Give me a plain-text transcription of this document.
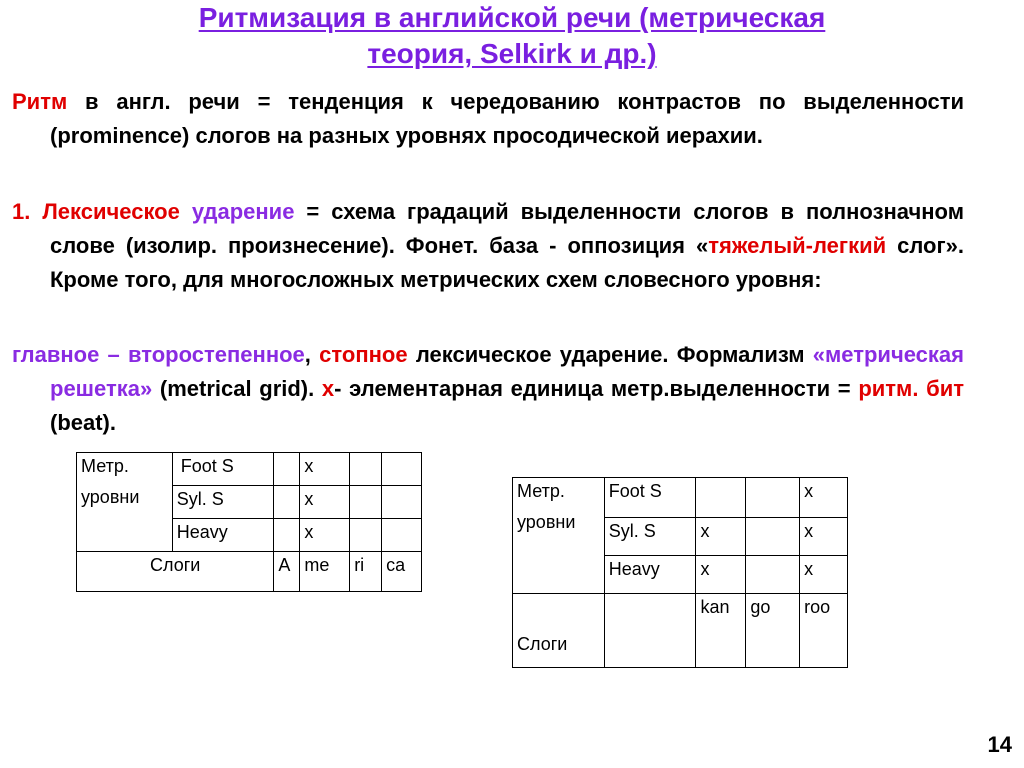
Ритмизация в английской речи (метрическая
теория, Selkirk и др.)
Ритм в англ. речи = тенденция к чередованию контрастов по выделенности (prominence) слогов на разных уровнях просодической иерахии.
1. Лексическое ударение = схема градаций выделенности слогов в полнозначном слове (изолир. произнесение). Фонет. база - оппозиция «тяжелый-легкий слог». Кроме того, для многосложных метрических схем словесного уровня:
главное – второстепенное, стопное лексическое ударение. Формализм «метрическая решетка» (metrical grid). x- элементарная единица метр.выделенности = ритм. бит (beat).
Метр.
уровни	Foot S		x		
	Syl. S		x		
	Heavy		x		
Слоги		A	me	ri	ca
Метр.
уровни	Foot S			x
	Syl. S	x		x
	Heavy	x		x
Слоги		kan	go	roo
14
